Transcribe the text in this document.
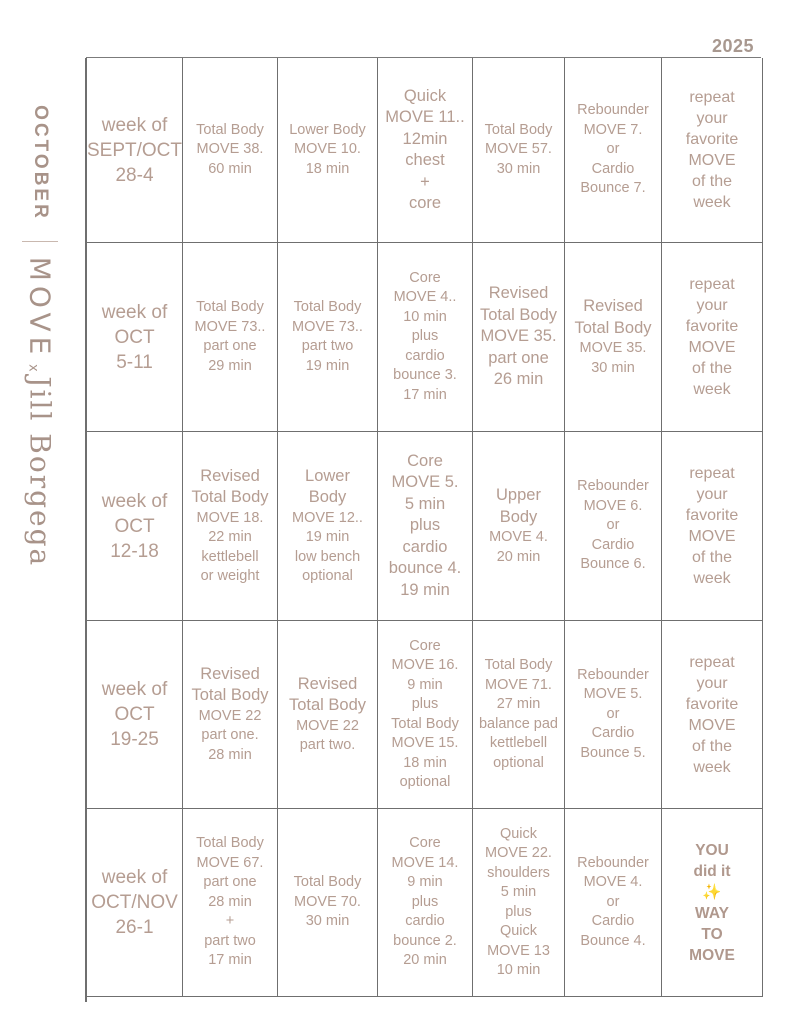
2025
OCTOBER
MOVExJill Borgega
week of
SEPT/OCT
28-4
Total Body
MOVE 38.
60 min
Lower Body
MOVE 10.
18 min
Quick
MOVE 11..
12min
chest
+
core
Total Body
MOVE 57.
30 min
Rebounder
MOVE 7.
or
Cardio
Bounce 7.
repeat
your
favorite
MOVE
of the
week
week of
OCT
5-11
Total Body
MOVE 73..
part one
29 min
Total Body
MOVE 73..
part two
19 min
Core
MOVE 4..
10 min
plus
cardio
bounce 3.
17 min
Revised
Total Body
MOVE 35.
part one
26 min
Revised
Total Body
MOVE 35.
30 min
repeat
your
favorite
MOVE
of the
week
week of
OCT
12-18
Revised
Total Body
MOVE 18.
22 min
kettlebell
or weight
Lower
Body
MOVE 12..
19 min
low bench
optional
Core
MOVE 5.
5 min
plus
cardio
bounce 4.
19 min
Upper
Body
MOVE 4.
20 min
Rebounder
MOVE 6.
or
Cardio
Bounce 6.
repeat
your
favorite
MOVE
of the
week
week of
OCT
19-25
Revised
Total Body
MOVE 22
part one.
28 min
Revised
Total Body
MOVE 22
part two.
Core
MOVE 16.
9 min
plus
Total Body
MOVE 15.
18 min
optional
Total Body
MOVE 71.
27 min
balance pad
kettlebell
optional
Rebounder
MOVE 5.
or
Cardio
Bounce 5.
repeat
your
favorite
MOVE
of the
week
week of
OCT/NOV
26-1
Total Body
MOVE 67.
part one
28 min
+
part two
17 min
Total Body
MOVE 70.
30 min
Core
MOVE 14.
9 min
plus
cardio
bounce 2.
20 min
Quick
MOVE 22.
shoulders
5 min
plus
Quick
MOVE 13
10 min
Rebounder
MOVE 4.
or
Cardio
Bounce 4.
YOU
did it
✨
WAY
TO
MOVE
